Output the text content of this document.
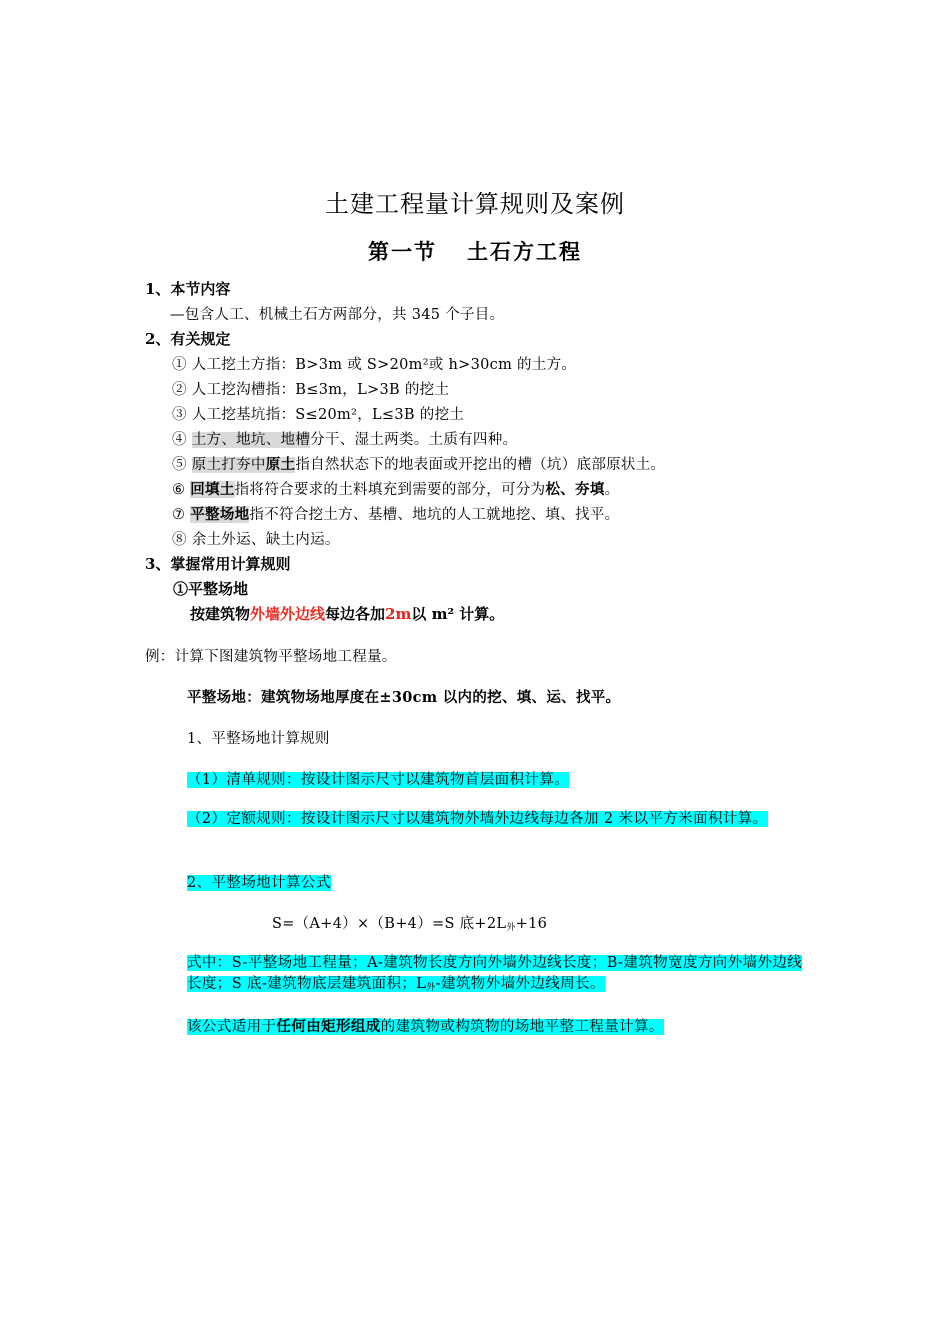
土建工程量计算规则及案例
第一节 土石方工程
1、本节内容
—包含人工、机械土石方两部分，共 345 个子目。
2、有关规定
① 人工挖土方指：B>3m 或 S>20m²或 h>30cm 的土方。
② 人工挖沟槽指：B≤3m，L>3B 的挖土
③ 人工挖基坑指：S≤20m²，L≤3B 的挖土
④ 土方、地坑、地槽分干、湿土两类。土质有四种。
⑤ 原土打夯中原土指自然状态下的地表面或开挖出的槽（坑）底部原状土。
⑥ 回填土指将符合要求的土料填充到需要的部分，可分为松、夯填。
⑦ 平整场地指不符合挖土方、基槽、地坑的人工就地挖、填、找平。
⑧ 余土外运、缺土内运。
3、掌握常用计算规则
①平整场地
按建筑物外墙外边线每边各加2m以 m² 计算。
例：计算下图建筑物平整场地工程量。
平整场地：建筑物场地厚度在±30cm 以内的挖、填、运、找平。
1、平整场地计算规则
（1）清单规则：按设计图示尺寸以建筑物首层面积计算。
（2）定额规则：按设计图示尺寸以建筑物外墙外边线每边各加 2 米以平方米面积计算。
2、平整场地计算公式
S=（A+4）×（B+4）=S 底$+2L_外+16$
式中：S-平整场地工程量；A-建筑物长度方向外墙外边线长度；B-建筑物宽度方向外墙外边线长度；S 底-建筑物底层建筑面积；$L_外-$建筑物外墙外边线周长。
该公式适用于任何由矩形组成的建筑物或构筑物的场地平整工程量计算。
